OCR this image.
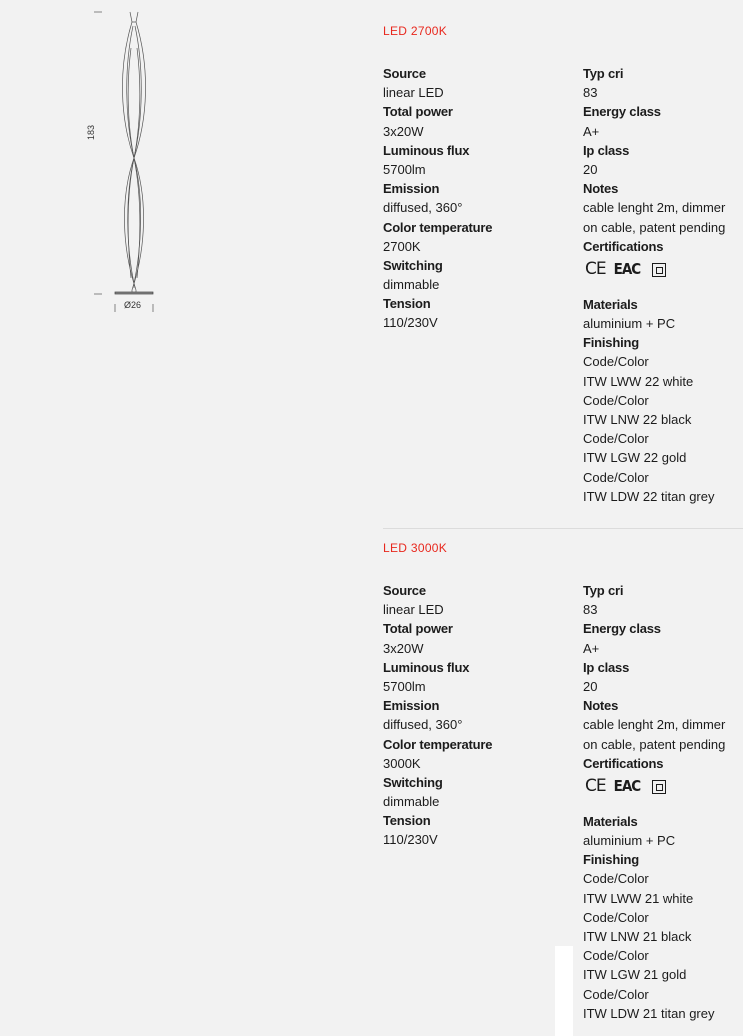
183
Ø26
LED 2700K
Source
linear LED
Total power
3x20W
Luminous flux
5700lm
Emission
diffused, 360°
Color temperature
2700K
Switching
dimmable
Tension
110/230V
Typ cri
83
Energy class
A+
Ip class
20
Notes
cable lenght 2m, dimmer on cable, patent pending
Certifications
CE EAC
Materials
aluminium + PC
Finishing
Code/Color
ITW LWW 22 white
Code/Color
ITW LNW 22 black
Code/Color
ITW LGW 22 gold
Code/Color
ITW LDW 22 titan grey
LED 3000K
Source
linear LED
Total power
3x20W
Luminous flux
5700lm
Emission
diffused, 360°
Color temperature
3000K
Switching
dimmable
Tension
110/230V
Typ cri
83
Energy class
A+
Ip class
20
Notes
cable lenght 2m, dimmer on cable, patent pending
Certifications
CE EAC
Materials
aluminium + PC
Finishing
Code/Color
ITW LWW 21 white
Code/Color
ITW LNW 21 black
Code/Color
ITW LGW 21 gold
Code/Color
ITW LDW 21 titan grey
